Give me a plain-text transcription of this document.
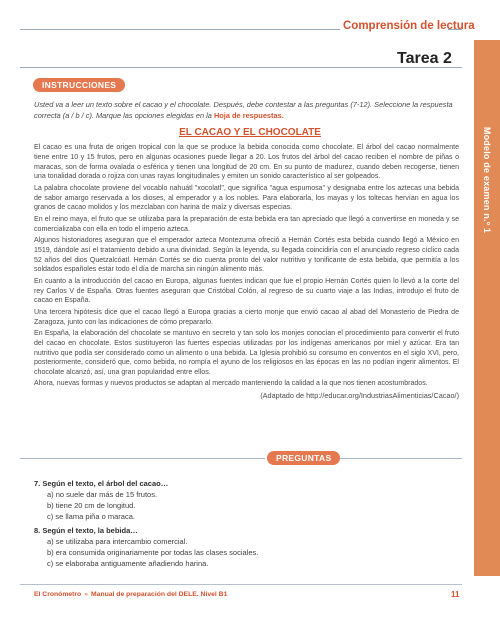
Comprensión de lectura
Tarea 2
Modelo de examen n.º 1
INSTRUCCIONES
Usted va a leer un texto sobre el cacao y el chocolate. Después, debe contestar a las preguntas (7-12). Seleccione la respuesta correcta (a / b / c). Marque las opciones elegidas en la Hoja de respuestas.
EL CACAO Y EL CHOCOLATE

El cacao es una fruta de origen tropical con la que se produce la bebida conocida como chocolate. El árbol del cacao normalmente tiene entre 10 y 15 frutos, pero en algunas ocasiones puede llegar a 20. Los frutos del árbol del cacao reciben el nombre de piñas o maracas, son de forma ovalada o esférica y tienen una longitud de 20 cm. En su punto de madurez, cuando deben recogerse, tienen una tonalidad dorada o rojiza con unas rayas longitudinales y emiten un sonido característico al ser golpeados.

La palabra chocolate proviene del vocablo nahuátl "xocolatl", que significa "agua espumosa" y designaba entre los aztecas una bebida de sabor amargo reservada a los dioses, al emperador y a los nobles. Para elaborarla, los mayas y los toltecas hervían en agua los granos de cacao molidos y los mezclaban con harina de maíz y diversas especias.

En el reino maya, el fruto que se utilizaba para la preparación de esta bebida era tan apreciado que llegó a convertirse en moneda y se comercializaba con ella en todo el imperio azteca.

Algunos historiadores aseguran que el emperador azteca Montezuma ofreció a Hernán Cortés esta bebida cuando llegó a México en 1519, dándole así el tratamiento debido a una divinidad. Según la leyenda, su llegada coincidiría con el anunciado regreso cíclico cada 52 años del dios Quetzalcóatl. Hernán Cortés se dio cuenta pronto del valor nutritivo y tonificante de esta bebida, que permitía a los soldados españoles estar todo el día de marcha sin ningún alimento más.

En cuanto a la introducción del cacao en Europa, algunas fuentes indican que fue el propio Hernán Cortés quien lo llevó a la corte del rey Carlos V de España. Otras fuentes aseguran que Cristóbal Colón, al regreso de su cuarto viaje a las Indias, introdujo el fruto de cacao en España.

Una tercera hipótesis dice que el cacao llegó a Europa gracias a cierto monje que envió cacao al abad del Monasterio de Piedra de Zaragoza, junto con las indicaciones de cómo prepararlo.

En España, la elaboración del chocolate se mantuvo en secreto y tan solo los monjes conocían el procedimiento para convertir el fruto del cacao en chocolate. Estos sustituyeron las fuertes especias utilizadas por los indígenas americanos por miel y azúcar. Era tan nutritivo que podía ser considerado como un alimento o una bebida. La Iglesia prohibió su consumo en conventos en el siglo XVI, pero, posteriormente, consideró que, como bebida, no rompía el ayuno de los religiosos en las épocas en las no podían ingerir alimentos. El chocolate alcanzó, así, una gran popularidad entre ellos.

Ahora, nuevas formas y nuevos productos se adaptan al mercado manteniendo la calidad a la que nos tienen acostumbrados.

(Adaptado de http://educar.org/IndustriasAlimenticias/Cacao/)

PREGUNTAS
7. Según el texto, el árbol del cacao…
a) no suele dar más de 15 frutos.
b) tiene 20 cm de longitud.
c) se llama piña o maraca.
8. Según el texto, la bebida…
a) se utilizaba para intercambio comercial.
b) era consumida originariamente por todas las clases sociales.
c) se elaboraba antiguamente añadiendo harina.
El Cronómetro » Manual de preparación del DELE. Nivel B1	11
